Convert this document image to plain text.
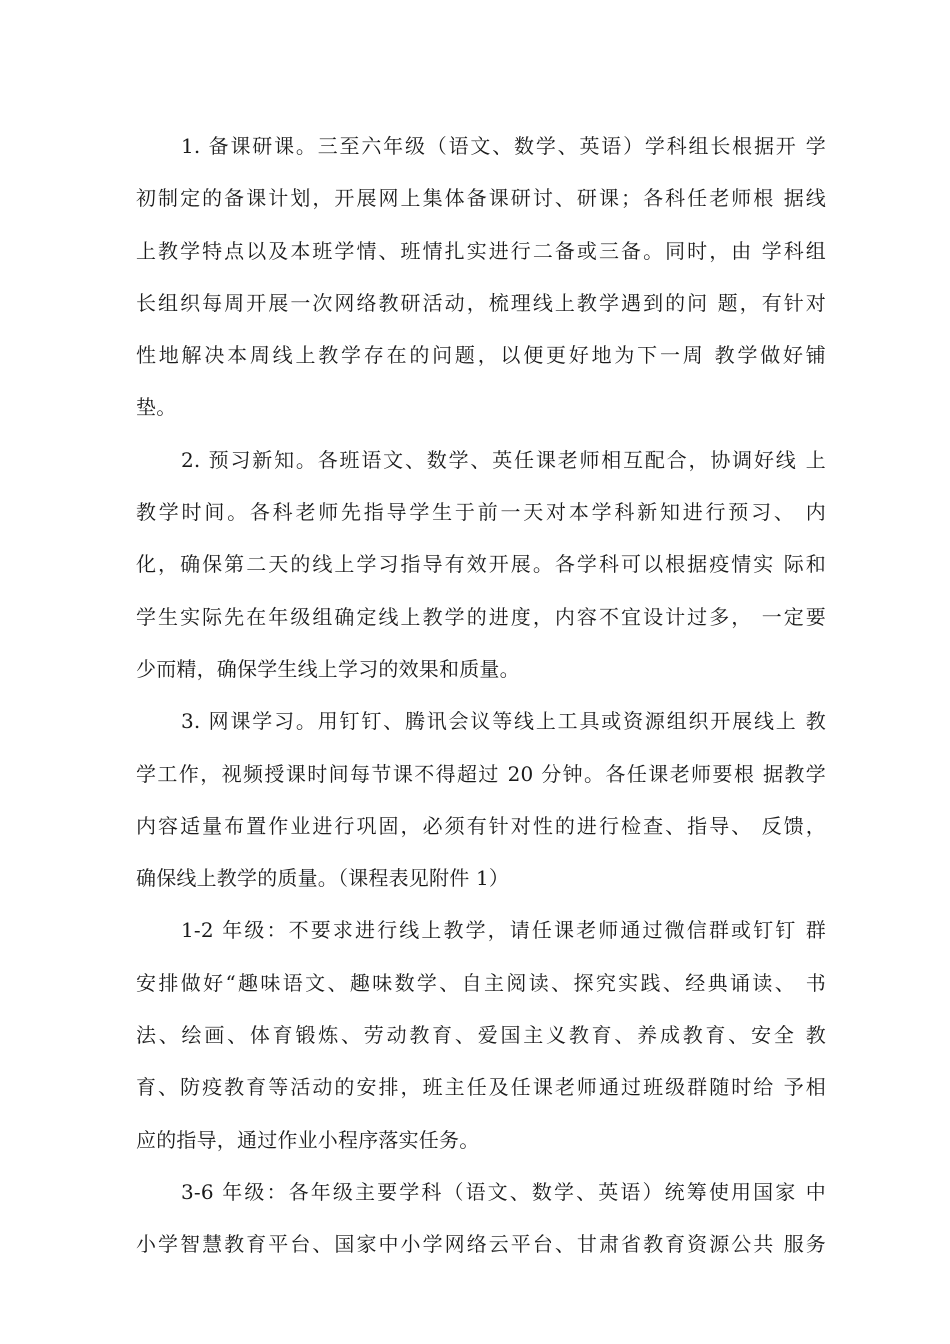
1. 备课研课。三至六年级（语文、数学、英语）学科组长根据开 学
初制定的备课计划，开展网上集体备课研讨、研课；各科任老师根 据线
上教学特点以及本班学情、班情扎实进行二备或三备。同时，由 学科组
长组织每周开展一次网络教研活动，梳理线上教学遇到的问 题，有针对
性地解决本周线上教学存在的问题，以便更好地为下一周 教学做好铺
垫。
2. 预习新知。各班语文、数学、英任课老师相互配合，协调好线 上
教学时间。各科老师先指导学生于前一天对本学科新知进行预习、 内
化，确保第二天的线上学习指导有效开展。各学科可以根据疫情实 际和
学生实际先在年级组确定线上教学的进度，内容不宜设计过多， 一定要
少而精，确保学生线上学习的效果和质量。
3. 网课学习。用钉钉、腾讯会议等线上工具或资源组织开展线上 教
学工作，视频授课时间每节课不得超过 20 分钟。各任课老师要根 据教学
内容适量布置作业进行巩固，必须有针对性的进行检查、指导、 反馈，
确保线上教学的质量。（课程表见附件 1）
1-2 年级：不要求进行线上教学，请任课老师通过微信群或钉钉 群
安排做好“趣味语文、趣味数学、自主阅读、探究实践、经典诵读、 书
法、绘画、体育锻炼、劳动教育、爱国主义教育、养成教育、安全 教
育、防疫教育等活动的安排，班主任及任课老师通过班级群随时给 予相
应的指导，通过作业小程序落实任务。
3-6 年级：各年级主要学科（语文、数学、英语）统筹使用国家 中
小学智慧教育平台、国家中小学网络云平台、甘肃省教育资源公共 服务
